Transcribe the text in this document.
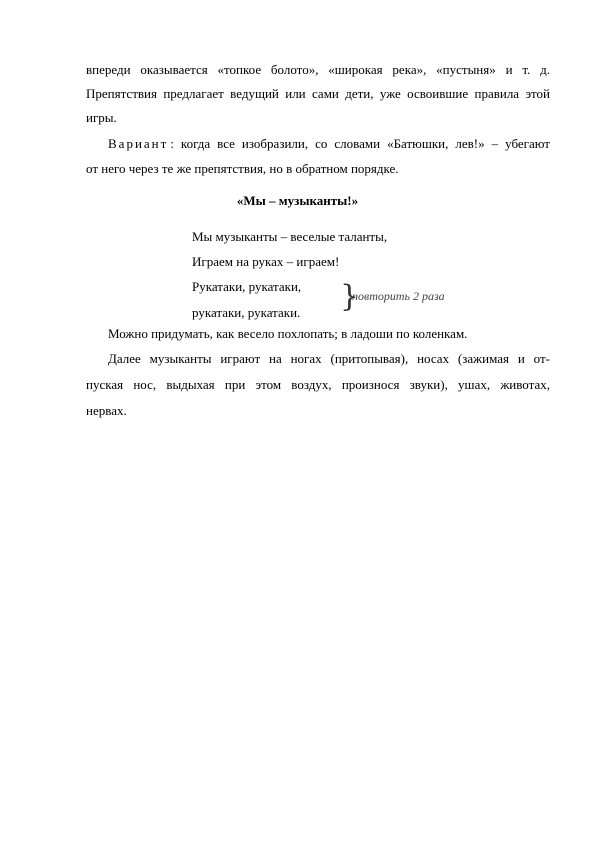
впереди оказывается «топкое болото», «широкая река», «пустыня» и т. д.
Препятствия предлагает ведущий или сами дети, уже освоившие правила этой
игры.
Вариант : когда все изобразили, со словами «Батюшки, лев!» – убегают
от него через те же препятствия, но в обратном порядке.
«Мы – музыканты!»
Мы музыканты – веселые таланты,
Играем на руках – играем!
Рукатаки, рукатаки,
рукатаки, рукатаки. }
повторить 2 раза
Можно придумать, как весело похлопать; в ладоши по коленкам.
Далее музыканты играют на ногах (притопывая), носах (зажимая и от-
пуская нос, выдыхая при этом воздух, произнося звуки), ушах, животах,
нервах.
